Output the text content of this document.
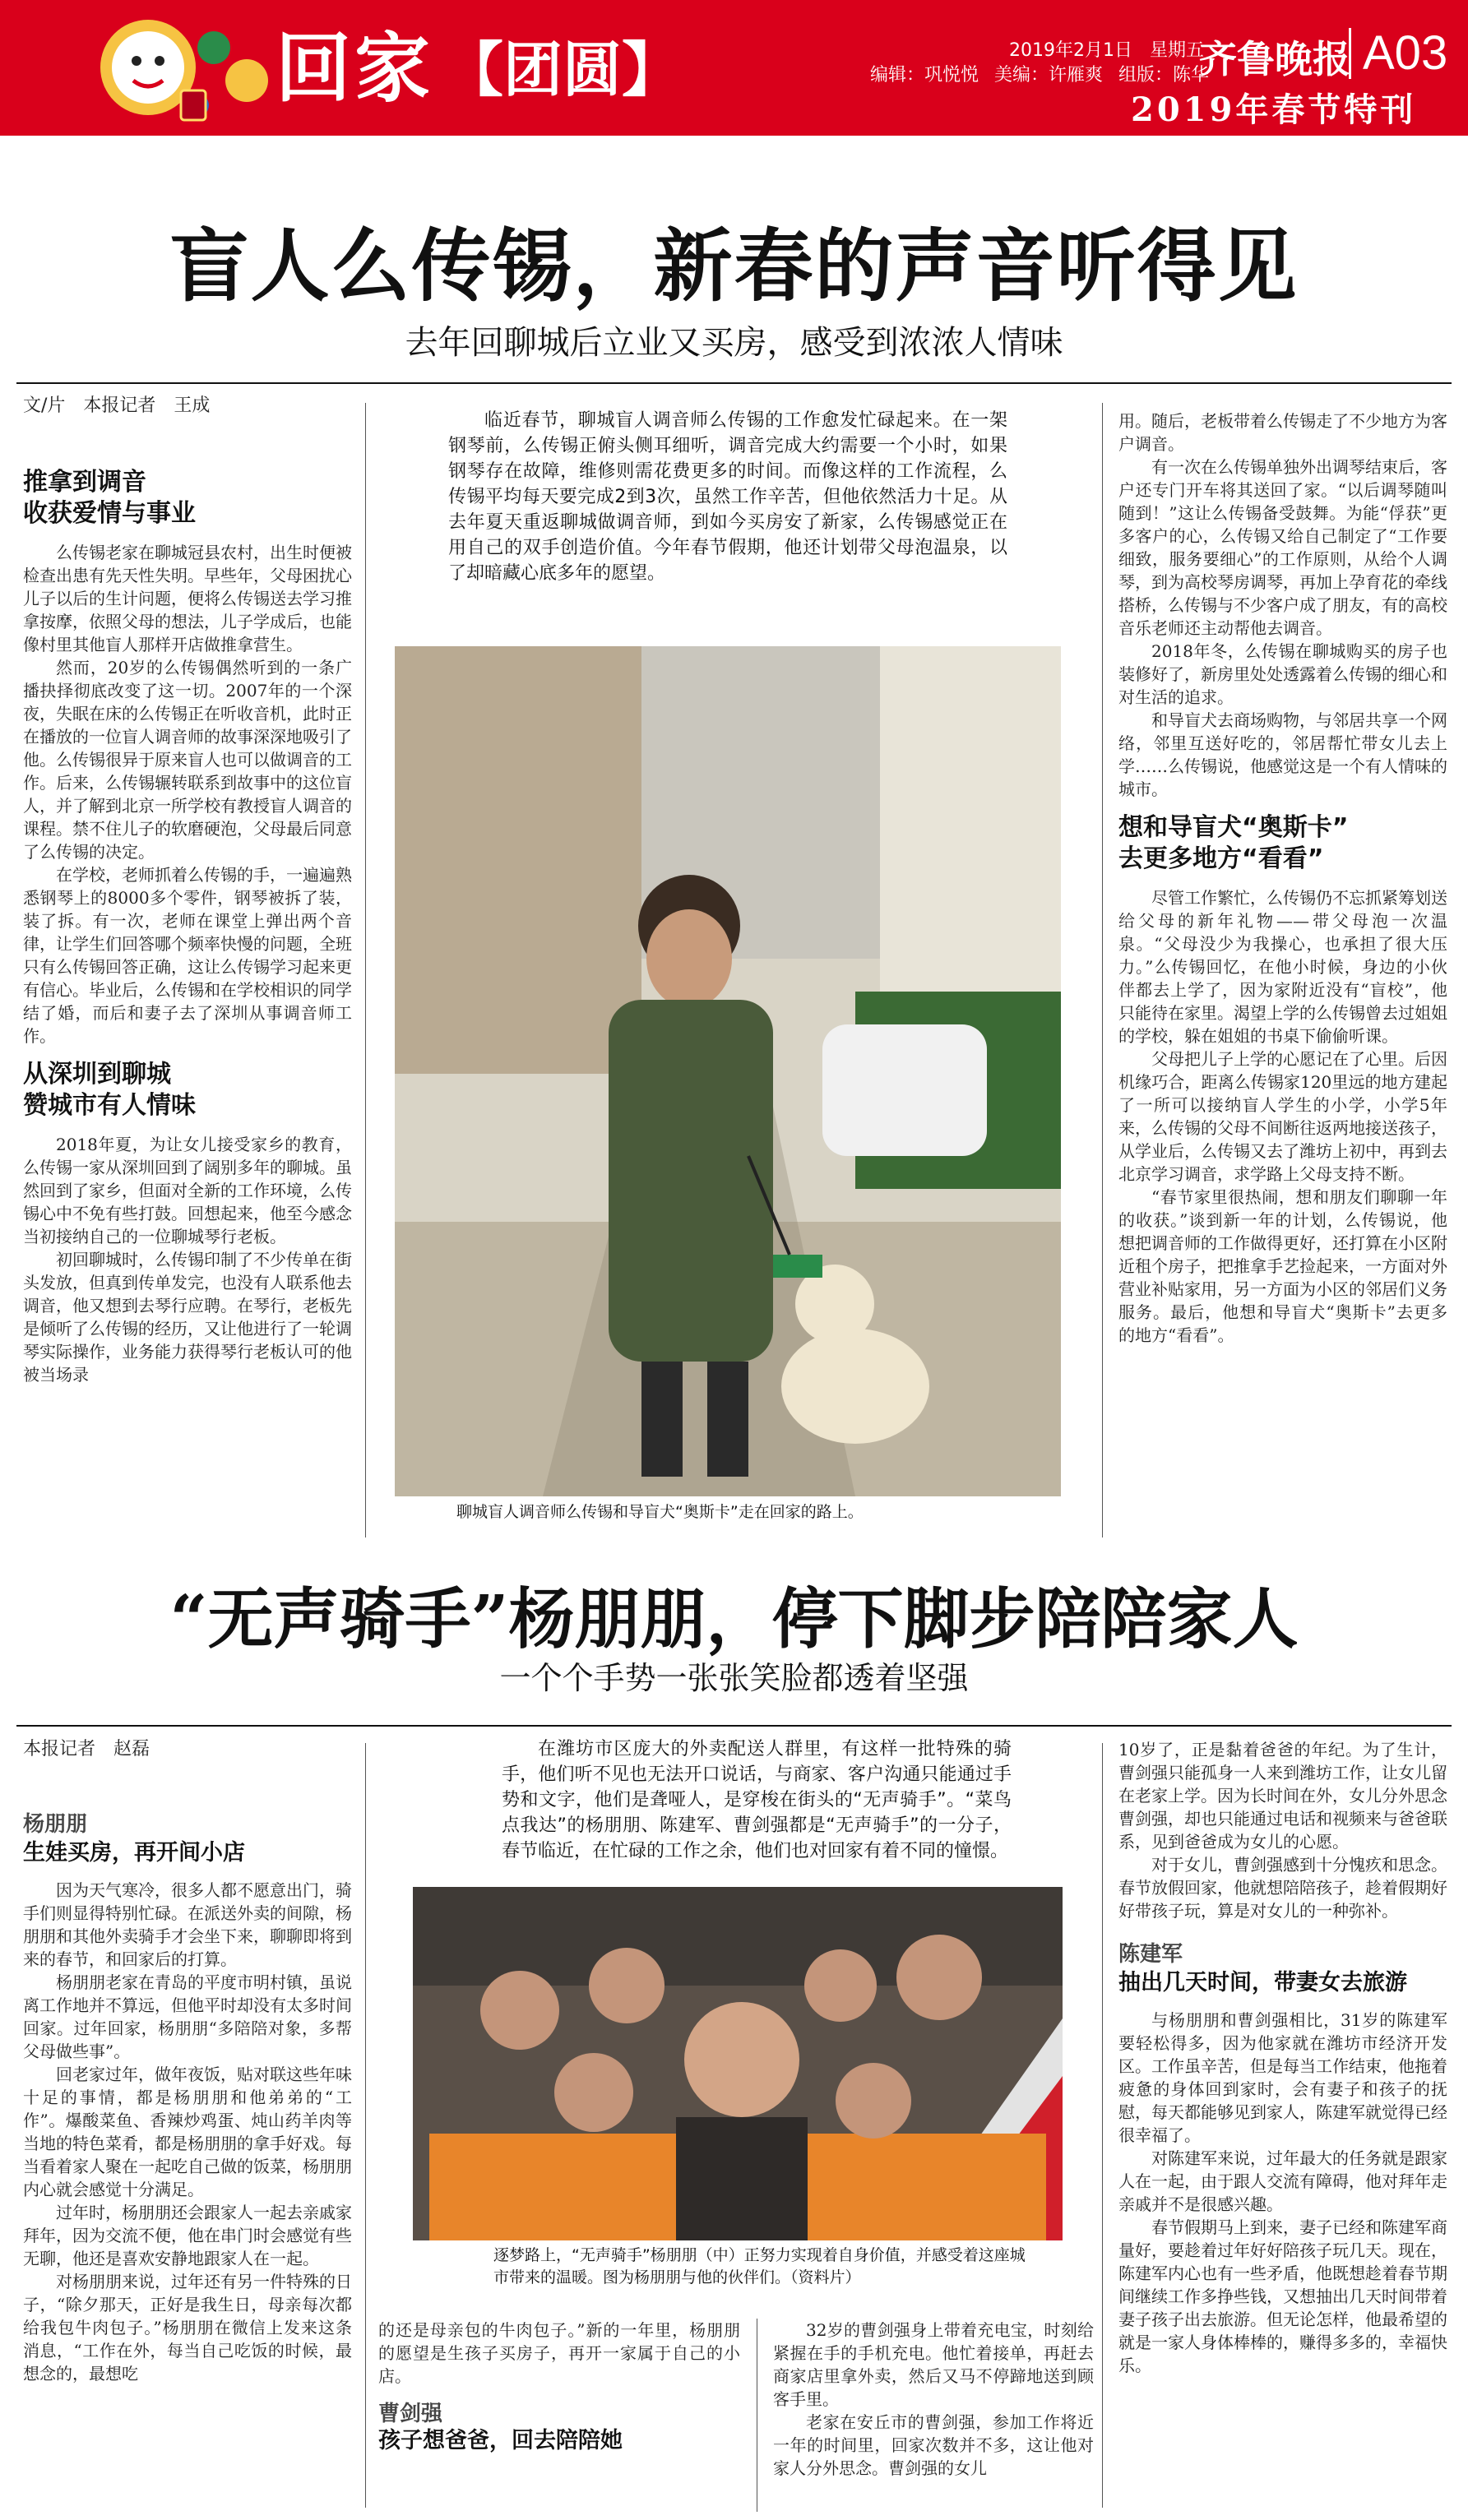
回家 【团圆】	2019年2月1日 星期五
编辑：巩悦悦 美编：许雁爽 组版：陈华
齐鲁晚报 A03
2019年春节特刊
盲人么传锡，新春的声音听得见
去年回聊城后立业又买房，感受到浓浓人情味
文/片　本报记者　王成
推拿到调音
收获爱情与事业

么传锡老家在聊城冠县农村，出生时便被检查出患有先天性失明。早些年，父母困扰心儿子以后的生计问题，便将么传锡送去学习推拿按摩，依照父母的想法，儿子学成后，也能像村里其他盲人那样开店做推拿营生。

然而，20岁的么传锡偶然听到的一条广播抉择彻底改变了这一切。2007年的一个深夜，失眠在床的么传锡正在听收音机，此时正在播放的一位盲人调音师的故事深深地吸引了他。么传锡很异于原来盲人也可以做调音的工作。后来，么传锡辗转联系到故事中的这位盲人，并了解到北京一所学校有教授盲人调音的课程。禁不住儿子的软磨硬泡，父母最后同意了么传锡的决定。

在学校，老师抓着么传锡的手，一遍遍熟悉钢琴上的8000多个零件，钢琴被拆了装，装了拆。有一次，老师在课堂上弹出两个音律，让学生们回答哪个频率快慢的问题，全班只有么传锡回答正确，这让么传锡学习起来更有信心。毕业后，么传锡和在学校相识的同学结了婚，而后和妻子去了深圳从事调音师工作。

从深圳到聊城
赞城市有人情味

2018年夏，为让女儿接受家乡的教育，么传锡一家从深圳回到了阔别多年的聊城。虽然回到了家乡，但面对全新的工作环境，么传锡心中不免有些打鼓。回想起来，他至今感念当初接纳自己的一位聊城琴行老板。

初回聊城时，么传锡印制了不少传单在街头发放，但真到传单发完，也没有人联系他去调音，他又想到去琴行应聘。在琴行，老板先是倾听了么传锡的经历，又让他进行了一轮调琴实际操作，业务能力获得琴行老板认可的他被当场录

临近春节，聊城盲人调音师么传锡的工作愈发忙碌起来。在一架钢琴前，么传锡正俯头侧耳细听，调音完成大约需要一个小时，如果钢琴存在故障，维修则需花费更多的时间。而像这样的工作流程，么传锡平均每天要完成2到3次，虽然工作辛苦，但他依然活力十足。从去年夏天重返聊城做调音师，到如今买房安了新家，么传锡感觉正在用自己的双手创造价值。今年春节假期，他还计划带父母泡温泉，以了却暗藏心底多年的愿望。

聊城盲人调音师么传锡和导盲犬“奥斯卡”走在回家的路上。

用。随后，老板带着么传锡走了不少地方为客户调音。

有一次在么传锡单独外出调琴结束后，客户还专门开车将其送回了家。“以后调琴随叫随到！”这让么传锡备受鼓舞。为能“俘获”更多客户的心，么传锡又给自己制定了“工作要细致，服务要细心”的工作原则，从给个人调琴，到为高校琴房调琴，再加上孕育花的牵线搭桥，么传锡与不少客户成了朋友，有的高校音乐老师还主动帮他去调音。

2018年冬，么传锡在聊城购买的房子也装修好了，新房里处处透露着么传锡的细心和对生活的追求。

和导盲犬去商场购物，与邻居共享一个网络，邻里互送好吃的，邻居帮忙带女儿去上学……么传锡说，他感觉这是一个有人情味的城市。

想和导盲犬“奥斯卡”
去更多地方“看看”

尽管工作繁忙，么传锡仍不忘抓紧筹划送给父母的新年礼物——带父母泡一次温泉。“父母没少为我操心，也承担了很大压力。”么传锡回忆，在他小时候，身边的小伙伴都去上学了，因为家附近没有“盲校”，他只能待在家里。渴望上学的么传锡曾去过姐姐的学校，躲在姐姐的书桌下偷偷听课。

父母把儿子上学的心愿记在了心里。后因机缘巧合，距离么传锡家120里远的地方建起了一所可以接纳盲人学生的小学，小学5年来，么传锡的父母不间断往返两地接送孩子，从学业后，么传锡又去了潍坊上初中，再到去北京学习调音，求学路上父母支持不断。

“春节家里很热闹，想和朋友们聊聊一年的收获。”谈到新一年的计划，么传锡说，他想把调音师的工作做得更好，还打算在小区附近租个房子，把推拿手艺捡起来，一方面对外营业补贴家用，另一方面为小区的邻居们义务服务。最后，他想和导盲犬“奥斯卡”去更多的地方“看看”。

“无声骑手”杨朋朋，停下脚步陪陪家人
一个个手势一张张笑脸都透着坚强
本报记者　赵磊
杨朋朋
生娃买房，再开间小店

因为天气寒冷，很多人都不愿意出门，骑手们则显得特别忙碌。在派送外卖的间隙，杨朋朋和其他外卖骑手才会坐下来，聊聊即将到来的春节，和回家后的打算。

杨朋朋老家在青岛的平度市明村镇，虽说离工作地并不算远，但他平时却没有太多时间回家。过年回家，杨朋朋“多陪陪对象，多帮父母做些事”。

回老家过年，做年夜饭，贴对联这些年味十足的事情，都是杨朋朋和他弟弟的“工作”。爆酸菜鱼、香辣炒鸡蛋、炖山药羊肉等当地的特色菜肴，都是杨朋朋的拿手好戏。每当看着家人聚在一起吃自己做的饭菜，杨朋朋内心就会感觉十分满足。

过年时，杨朋朋还会跟家人一起去亲戚家拜年，因为交流不便，他在串门时会感觉有些无聊，他还是喜欢安静地跟家人在一起。

对杨朋朋来说，过年还有另一件特殊的日子，“除夕那天，正好是我生日，母亲每次都给我包牛肉包子。”杨朋朋在微信上发来这条消息，“工作在外，每当自己吃饭的时候，最想念的，最想吃

在潍坊市区庞大的外卖配送人群里，有这样一批特殊的骑手，他们听不见也无法开口说话，与商家、客户沟通只能通过手势和文字，他们是聋哑人，是穿梭在街头的“无声骑手”。“菜鸟点我达”的杨朋朋、陈建军、曹剑强都是“无声骑手”的一分子，春节临近，在忙碌的工作之余，他们也对回家有着不同的憧憬。

逐梦路上，“无声骑手”杨朋朋（中）正努力实现着自身价值，并感受着这座城市带来的温暖。图为杨朋朋与他的伙伴们。（资料片）

的还是母亲包的牛肉包子。”新的一年里，杨朋朋的愿望是生孩子买房子，再开一家属于自己的小店。

曹剑强
孩子想爸爸，回去陪陪她

32岁的曹剑强身上带着充电宝，时刻给紧握在手的手机充电。他忙着接单，再赶去商家店里拿外卖，然后又马不停蹄地送到顾客手里。

老家在安丘市的曹剑强，参加工作将近一年的时间里，回家次数并不多，这让他对家人分外思念。曹剑强的女儿

10岁了，正是黏着爸爸的年纪。为了生计，曹剑强只能孤身一人来到潍坊工作，让女儿留在老家上学。因为长时间在外，女儿分外思念曹剑强，却也只能通过电话和视频来与爸爸联系，见到爸爸成为女儿的心愿。

对于女儿，曹剑强感到十分愧疚和思念。春节放假回家，他就想陪陪孩子，趁着假期好好带孩子玩，算是对女儿的一种弥补。

陈建军
抽出几天时间，带妻女去旅游

与杨朋朋和曹剑强相比，31岁的陈建军要轻松得多，因为他家就在潍坊市经济开发区。工作虽辛苦，但是每当工作结束，他拖着疲惫的身体回到家时，会有妻子和孩子的抚慰，每天都能够见到家人，陈建军就觉得已经很幸福了。

对陈建军来说，过年最大的任务就是跟家人在一起，由于跟人交流有障碍，他对拜年走亲戚并不是很感兴趣。

春节假期马上到来，妻子已经和陈建军商量好，要趁着过年好好陪孩子玩几天。现在，陈建军内心也有一些矛盾，他既想趁着春节期间继续工作多挣些钱，又想抽出几天时间带着妻子孩子出去旅游。但无论怎样，他最希望的就是一家人身体棒棒的，赚得多多的，幸福快乐。
